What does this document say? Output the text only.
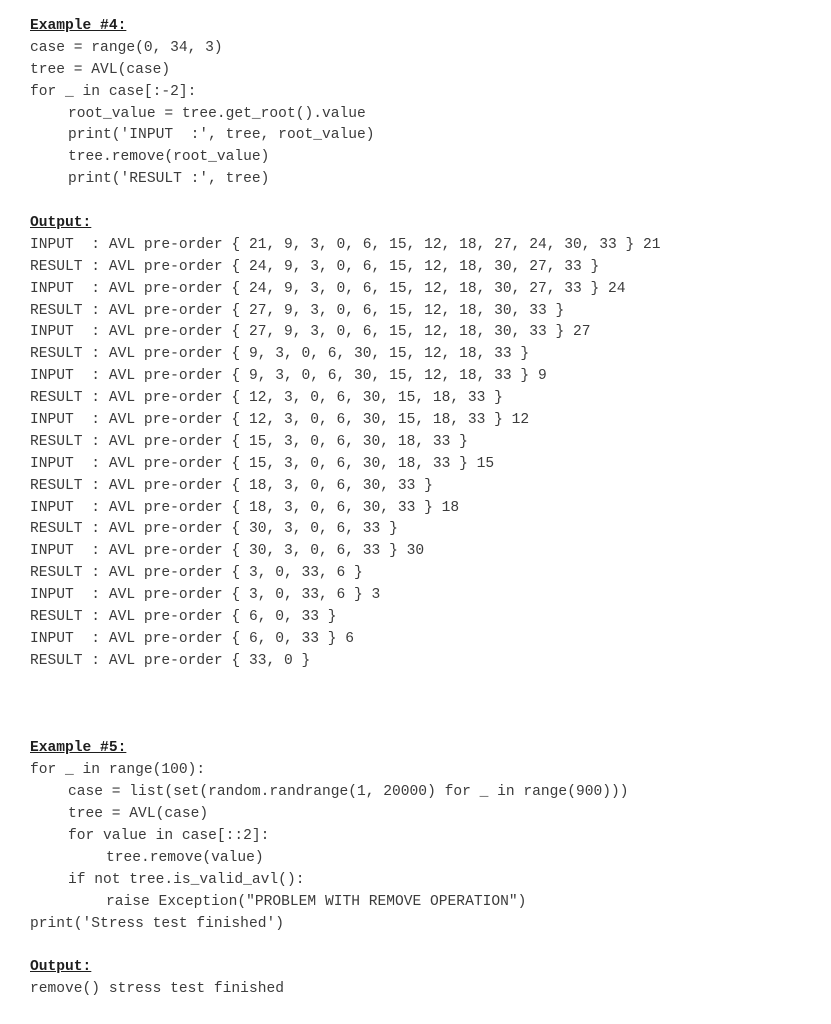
Example #4:
case = range(0, 34, 3)
tree = AVL(case)
for _ in case[:-2]:
root_value = tree.get_root().value
print('INPUT  :', tree, root_value)
tree.remove(root_value)
print('RESULT :', tree)
Output:
INPUT  : AVL pre-order { 21, 9, 3, 0, 6, 15, 12, 18, 27, 24, 30, 33 } 21
RESULT : AVL pre-order { 24, 9, 3, 0, 6, 15, 12, 18, 30, 27, 33 }
INPUT  : AVL pre-order { 24, 9, 3, 0, 6, 15, 12, 18, 30, 27, 33 } 24
RESULT : AVL pre-order { 27, 9, 3, 0, 6, 15, 12, 18, 30, 33 }
INPUT  : AVL pre-order { 27, 9, 3, 0, 6, 15, 12, 18, 30, 33 } 27
RESULT : AVL pre-order { 9, 3, 0, 6, 30, 15, 12, 18, 33 }
INPUT  : AVL pre-order { 9, 3, 0, 6, 30, 15, 12, 18, 33 } 9
RESULT : AVL pre-order { 12, 3, 0, 6, 30, 15, 18, 33 }
INPUT  : AVL pre-order { 12, 3, 0, 6, 30, 15, 18, 33 } 12
RESULT : AVL pre-order { 15, 3, 0, 6, 30, 18, 33 }
INPUT  : AVL pre-order { 15, 3, 0, 6, 30, 18, 33 } 15
RESULT : AVL pre-order { 18, 3, 0, 6, 30, 33 }
INPUT  : AVL pre-order { 18, 3, 0, 6, 30, 33 } 18
RESULT : AVL pre-order { 30, 3, 0, 6, 33 }
INPUT  : AVL pre-order { 30, 3, 0, 6, 33 } 30
RESULT : AVL pre-order { 3, 0, 33, 6 }
INPUT  : AVL pre-order { 3, 0, 33, 6 } 3
RESULT : AVL pre-order { 6, 0, 33 }
INPUT  : AVL pre-order { 6, 0, 33 } 6
RESULT : AVL pre-order { 33, 0 }
Example #5:
for _ in range(100):
case = list(set(random.randrange(1, 20000) for _ in range(900)))
tree = AVL(case)
for value in case[::2]:
tree.remove(value)
if not tree.is_valid_avl():
raise Exception("PROBLEM WITH REMOVE OPERATION")
print('Stress test finished')
Output:
remove() stress test finished
